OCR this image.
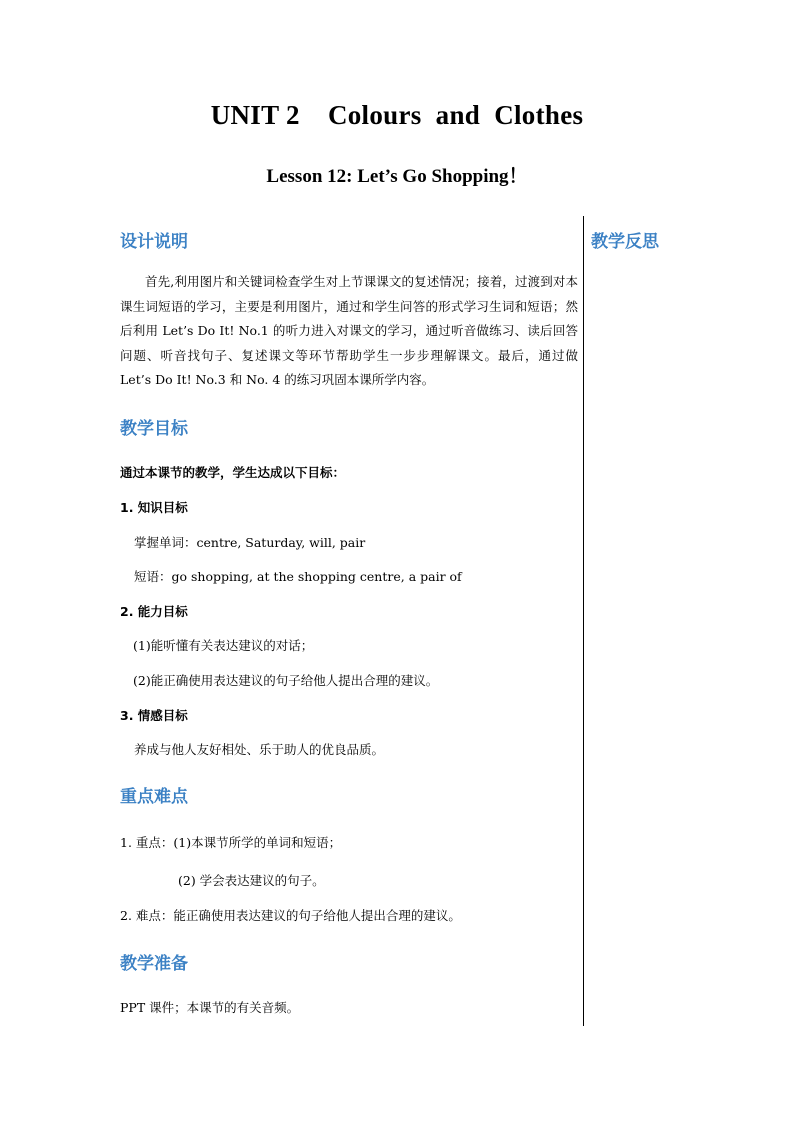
UNIT 2    Colours  and  Clothes
Lesson 12: Let’s Go Shopping！
教学反思
设计说明
首先,利用图片和关键词检查学生对上节课课文的复述情况；接着，过渡到对本课生词短语的学习，主要是利用图片，通过和学生问答的形式学习生词和短语；然后利用 Let’s Do It! No.1 的听力进入对课文的学习，通过听音做练习、读后回答问题、听音找句子、复述课文等环节帮助学生一步步理解课文。最后，通过做 Let’s Do It! No.3 和 No. 4 的练习巩固本课所学内容。
教学目标
通过本课节的教学，学生达成以下目标：
1. 知识目标
掌握单词：centre, Saturday, will, pair
短语：go shopping, at the shopping centre, a pair of
2. 能力目标
(1)能听懂有关表达建议的对话；
(2)能正确使用表达建议的句子给他人提出合理的建议。
3. 情感目标
养成与他人友好相处、乐于助人的优良品质。
重点难点
1. 重点：(1)本课节所学的单词和短语；
(2) 学会表达建议的句子。
2. 难点：能正确使用表达建议的句子给他人提出合理的建议。
教学准备
PPT 课件；本课节的有关音频。
